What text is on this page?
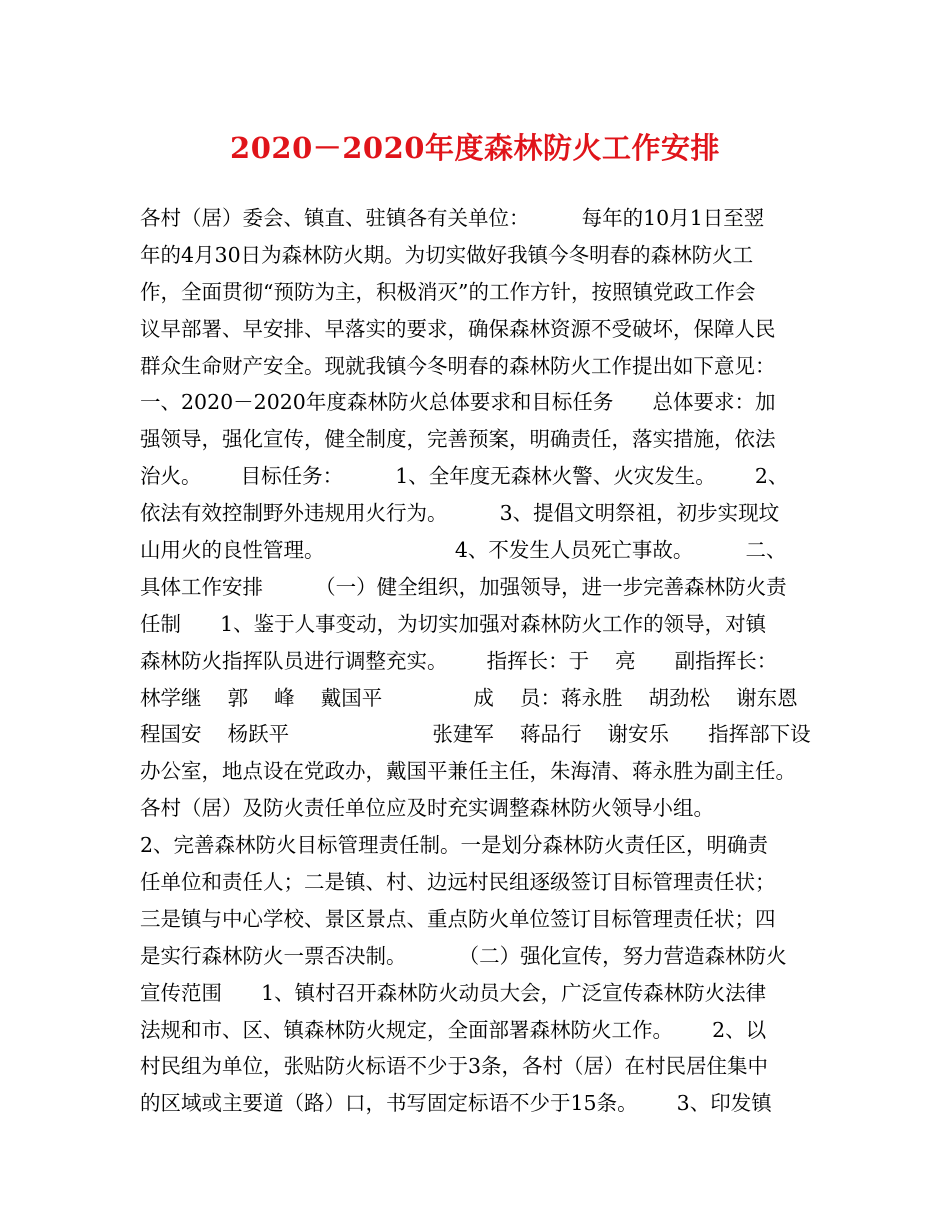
2020－2020年度森林防火工作安排
各村（居）委会、镇直、驻镇各有关单位：        每年的10月1日至翌
年的4月30日为森林防火期。为切实做好我镇今冬明春的森林防火工
作，全面贯彻“预防为主，积极消灭”的工作方针，按照镇党政工作会
议早部署、早安排、早落实的要求，确保森林资源不受破坏，保障人民
群众生命财产安全。现就我镇今冬明春的森林防火工作提出如下意见：
一、2020－2020年度森林防火总体要求和目标任务      总体要求：加
强领导，强化宣传，健全制度，完善预案，明确责任，落实措施，依法
治火。      目标任务：        1、全年度无森林火警、火灾发生。      2、
依法有效控制野外违规用火行为。        3、提倡文明祭祖，初步实现坟
山用火的良性管理。                    4、不发生人员死亡事故。        二、
具体工作安排        （一）健全组织，加强领导，进一步完善森林防火责
任制      1、鉴于人事变动，为切实加强对森林防火工作的领导，对镇
森林防火指挥队员进行调整充实。      指挥长：于    亮      副指挥长：
林学继    郭    峰    戴国平              成    员：蒋永胜    胡劲松    谢东恩
程国安    杨跃平                      张建军    蒋品行    谢安乐      指挥部下设
办公室，地点设在党政办，戴国平兼任主任，朱海清、蒋永胜为副主任。
各村（居）及防火责任单位应及时充实调整森林防火领导小组。
2、完善森林防火目标管理责任制。一是划分森林防火责任区，明确责
任单位和责任人；二是镇、村、边远村民组逐级签订目标管理责任状；
三是镇与中心学校、景区景点、重点防火单位签订目标管理责任状；四
是实行森林防火一票否决制。        （二）强化宣传，努力营造森林防火
宣传范围      1、镇村召开森林防火动员大会，广泛宣传森林防火法律
法规和市、区、镇森林防火规定，全面部署森林防火工作。      2、以
村民组为单位，张贴防火标语不少于3条，各村（居）在村民居住集中
的区域或主要道（路）口，书写固定标语不少于15条。      3、印发镇
